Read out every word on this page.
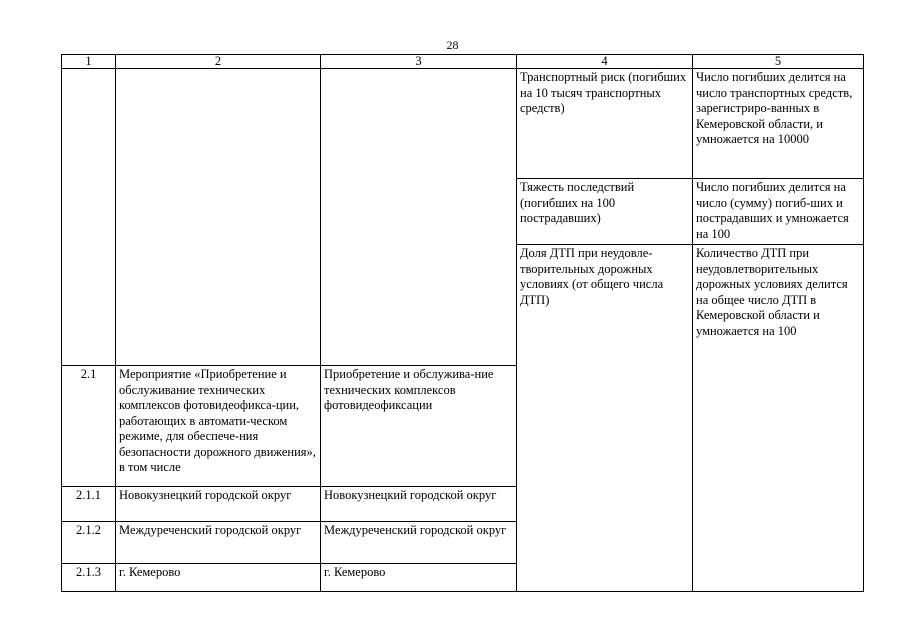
28
1	2	3	4	5
			Транспортный риск (погибших на 10 тысяч транспортных средств)	Число погибших делится на число транспортных средств, зарегистриро-ванных в Кемеровской области, и умножается на 10000
			Тяжесть последствий (погибших на 100 пострадавших)	Число погибших делится на число (сумму) погиб-ших и пострадавших и умножается на 100
			Доля ДТП при неудовле-творительных дорожных условиях (от общего числа ДТП)	Количество ДТП при неудовлетворительных дорожных условиях делится на общее число ДТП в Кемеровской области и умножается на 100
2.1	Мероприятие «Приобретение и обслуживание технических комплексов фотовидеофикса-ции, работающих в автомати-ческом режиме, для обеспече-ния безопасности дорожного движения», в том числе	Приобретение и обслужива-ние технических комплексов фотовидеофиксации		
2.1.1	Новокузнецкий городской округ	Новокузнецкий городской округ		
2.1.2	Междуреченский городской округ	Междуреченский городской округ		
2.1.3	г. Кемерово	г. Кемерово		
